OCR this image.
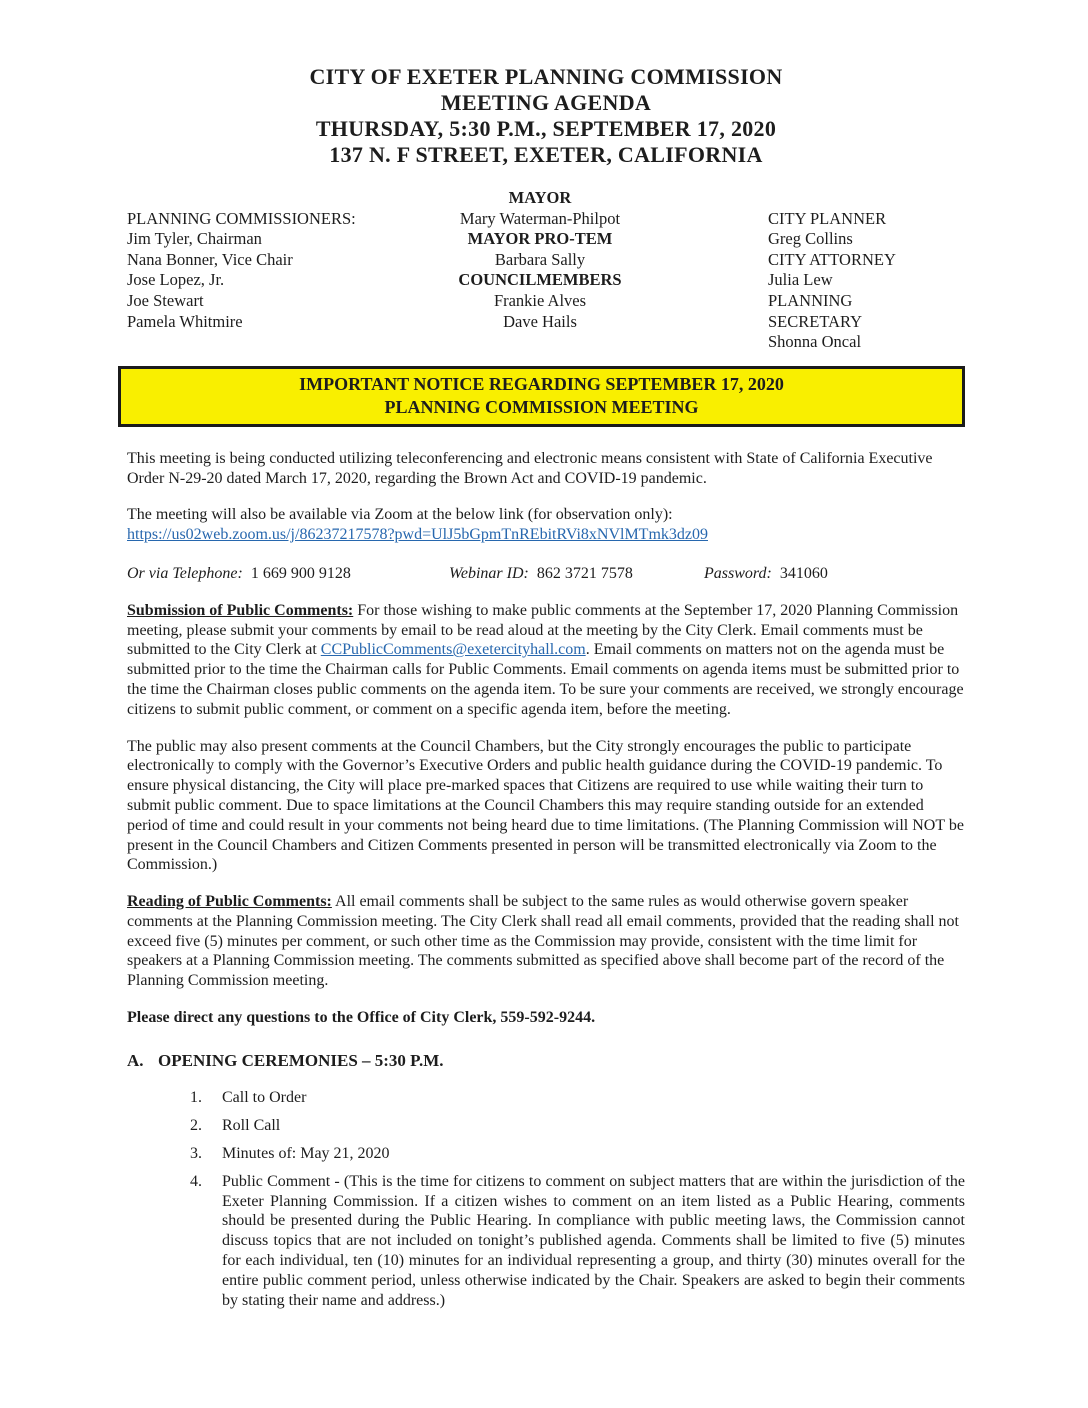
CITY OF EXETER PLANNING COMMISSION
MEETING AGENDA
THURSDAY, 5:30 P.M., SEPTEMBER 17, 2020
137 N. F STREET, EXETER, CALIFORNIA
PLANNING COMMISSIONERS:
Jim Tyler, Chairman
Nana Bonner, Vice Chair
Jose Lopez, Jr.
Joe Stewart
Pamela Whitmire
MAYOR
Mary Waterman-Philpot
MAYOR PRO-TEM
Barbara Sally
COUNCILMEMBERS
Frankie Alves
Dave Hails
CITY PLANNER
Greg Collins
CITY ATTORNEY
Julia Lew
PLANNING
SECRETARY
Shonna Oncal
IMPORTANT NOTICE REGARDING SEPTEMBER 17, 2020
PLANNING COMMISSION MEETING

This meeting is being conducted utilizing teleconferencing and electronic means consistent with State of California Executive Order N-29-20 dated March 17, 2020, regarding the Brown Act and COVID-19 pandemic.

The meeting will also be available via Zoom at the below link (for observation only):
https://us02web.zoom.us/j/86237217578?pwd=UlJ5bGpmTnREbitRVi8xNVlMTmk3dz09
Or via Telephone: 1 669 900 9128	Webinar ID: 862 3721 7578	Password: 341060

Submission of Public Comments: For those wishing to make public comments at the September 17, 2020 Planning Commission meeting, please submit your comments by email to be read aloud at the meeting by the City Clerk. Email comments must be submitted to the City Clerk at CCPublicComments@exetercityhall.com. Email comments on matters not on the agenda must be submitted prior to the time the Chairman calls for Public Comments. Email comments on agenda items must be submitted prior to the time the Chairman closes public comments on the agenda item. To be sure your comments are received, we strongly encourage citizens to submit public comment, or comment on a specific agenda item, before the meeting.

The public may also present comments at the Council Chambers, but the City strongly encourages the public to participate electronically to comply with the Governor’s Executive Orders and public health guidance during the COVID-19 pandemic. To ensure physical distancing, the City will place pre-marked spaces that Citizens are required to use while waiting their turn to submit public comment. Due to space limitations at the Council Chambers this may require standing outside for an extended period of time and could result in your comments not being heard due to time limitations. (The Planning Commission will NOT be present in the Council Chambers and Citizen Comments presented in person will be transmitted electronically via Zoom to the Commission.)

Reading of Public Comments: All email comments shall be subject to the same rules as would otherwise govern speaker comments at the Planning Commission meeting. The City Clerk shall read all email comments, provided that the reading shall not exceed five (5) minutes per comment, or such other time as the Commission may provide, consistent with the time limit for speakers at a Planning Commission meeting. The comments submitted as specified above shall become part of the record of the Planning Commission meeting.

Please direct any questions to the Office of City Clerk, 559-592-9244.

A. OPENING CEREMONIES – 5:30 P.M.
1.	Call to Order
2.	Roll Call
3.	Minutes of: May 21, 2020
4.	Public Comment - (This is the time for citizens to comment on subject matters that are within the jurisdiction of the Exeter Planning Commission. If a citizen wishes to comment on an item listed as a Public Hearing, comments should be presented during the Public Hearing. In compliance with public meeting laws, the Commission cannot discuss topics that are not included on tonight’s published agenda. Comments shall be limited to five (5) minutes for each individual, ten (10) minutes for an individual representing a group, and thirty (30) minutes overall for the entire public comment period, unless otherwise indicated by the Chair. Speakers are asked to begin their comments by stating their name and address.)
